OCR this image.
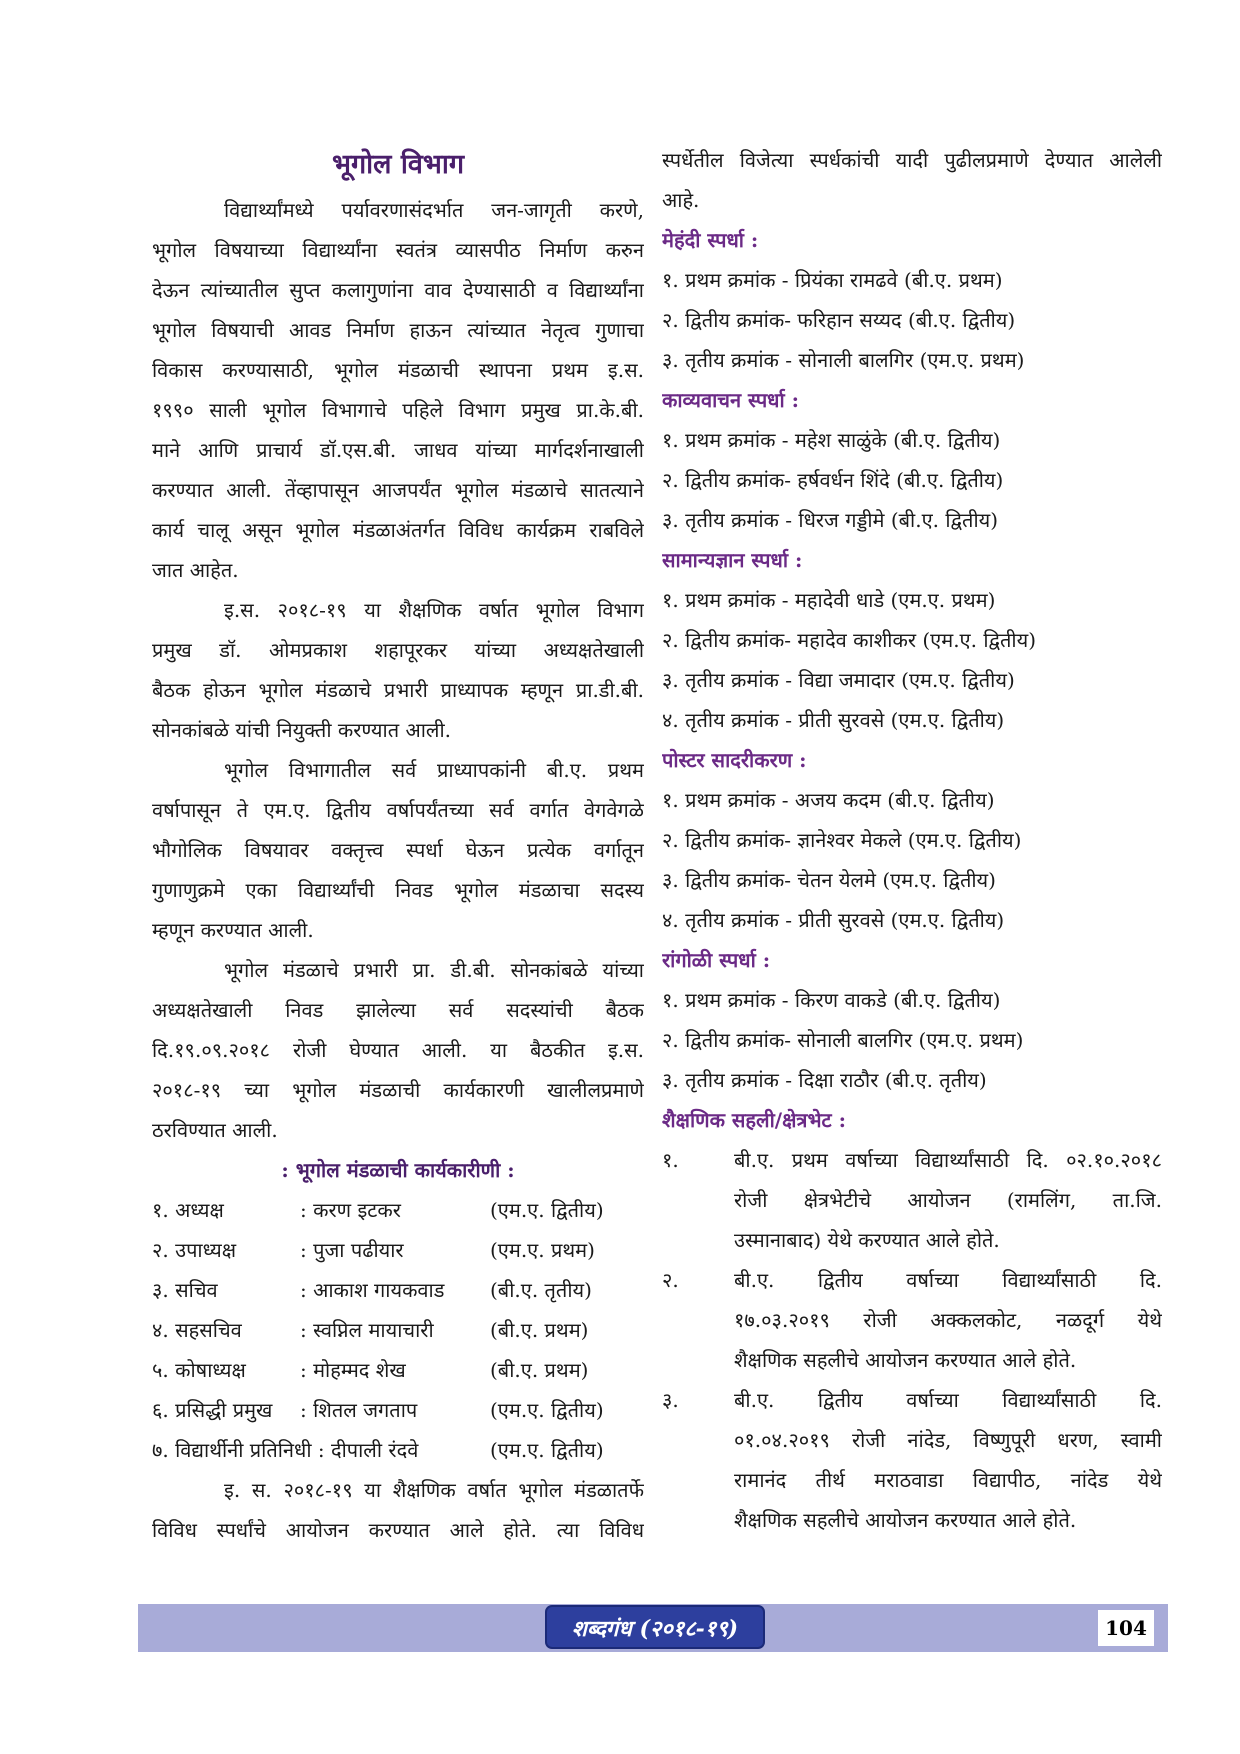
भूगोल विभाग
विद्यार्थ्यांमध्ये पर्यावरणासंदर्भात जन-जागृती करणे,
भूगोल विषयाच्या विद्यार्थ्यांना स्वतंत्र व्यासपीठ निर्माण करुन
देऊन त्यांच्यातील सुप्त कलागुणांना वाव देण्यासाठी व विद्यार्थ्यांना
भूगोल विषयाची आवड निर्माण हाऊन त्यांच्यात नेतृत्व गुणाचा
विकास करण्यासाठी, भूगोल मंडळाची स्थापना प्रथम इ.स.
१९९० साली भूगोल विभागाचे पहिले विभाग प्रमुख प्रा.के.बी.
माने आणि प्राचार्य डॉ.एस.बी. जाधव यांच्या मार्गदर्शनाखाली
करण्यात आली. तेंव्हापासून आजपर्यंत भूगोल मंडळाचे सातत्याने
कार्य चालू असून भूगोल मंडळाअंतर्गत विविध कार्यक्रम राबविले
जात आहेत.
इ.स. २०१८-१९ या शैक्षणिक वर्षात भूगोल विभाग
प्रमुख डॉ. ओमप्रकाश शहापूरकर यांच्या अध्यक्षतेखाली
बैठक होऊन भूगोल मंडळाचे प्रभारी प्राध्यापक म्हणून प्रा.डी.बी.
सोनकांबळे यांची नियुक्ती करण्यात आली.
भूगोल विभागातील सर्व प्राध्यापकांनी बी.ए. प्रथम
वर्षापासून ते एम.ए. द्वितीय वर्षापर्यंतच्या सर्व वर्गात वेगवेगळे
भौगोलिक विषयावर वक्तृत्त्व स्पर्धा घेऊन प्रत्येक वर्गातून
गुणाणुक्रमे एका विद्यार्थ्यांची निवड भूगोल मंडळाचा सदस्य
म्हणून करण्यात आली.
भूगोल मंडळाचे प्रभारी प्रा. डी.बी. सोनकांबळे यांच्या
अध्यक्षतेखाली निवड झालेल्या सर्व सदस्यांची बैठक
दि.१९.०९.२०१८ रोजी घेण्यात आली. या बैठकीत इ.स.
२०१८-१९ च्या भूगोल मंडळाची कार्यकारणी खालीलप्रमाणे
ठरविण्यात आली.
: भूगोल मंडळाची कार्यकारीणी :
१. अध्यक्ष	: करण इटकर	(एम.ए. द्वितीय)
२. उपाध्यक्ष	: पुजा पढीयार	(एम.ए. प्रथम)
३. सचिव	: आकाश गायकवाड	(बी.ए. तृतीय)
४. सहसचिव	: स्वप्निल मायाचारी	(बी.ए. प्रथम)
५. कोषाध्यक्ष	: मोहम्मद शेख	(बी.ए. प्रथम)
६. प्रसिद्धी प्रमुख	: शितल जगताप	(एम.ए. द्वितीय)
७. विद्यार्थीनी प्रतिनिधी : दीपाली रंदवे	(एम.ए. द्वितीय)
इ. स. २०१८-१९ या शैक्षणिक वर्षात भूगोल मंडळातर्फे
विविध स्पर्धांचे आयोजन करण्यात आले होते. त्या विविध
स्पर्धेतील विजेत्या स्पर्धकांची यादी पुढीलप्रमाणे देण्यात आलेली
आहे.
मेहंदी स्पर्धा :
१. प्रथम क्रमांक - प्रियंका रामढवे (बी.ए. प्रथम)
२. द्वितीय क्रमांक- फरिहान सय्यद (बी.ए. द्वितीय)
३. तृतीय क्रमांक - सोनाली बालगिर (एम.ए. प्रथम)
काव्यवाचन स्पर्धा :
१. प्रथम क्रमांक - महेश साळुंके (बी.ए. द्वितीय)
२. द्वितीय क्रमांक- हर्षवर्धन शिंदे (बी.ए. द्वितीय)
३. तृतीय क्रमांक - धिरज गड्डीमे (बी.ए. द्वितीय)
सामान्यज्ञान स्पर्धा :
१. प्रथम क्रमांक - महादेवी धाडे (एम.ए. प्रथम)
२. द्वितीय क्रमांक- महादेव काशीकर (एम.ए. द्वितीय)
३. तृतीय क्रमांक - विद्या जमादार (एम.ए. द्वितीय)
४. तृतीय क्रमांक - प्रीती सुरवसे (एम.ए. द्वितीय)
पोस्टर सादरीकरण :
१. प्रथम क्रमांक - अजय कदम (बी.ए. द्वितीय)
२. द्वितीय क्रमांक- ज्ञानेश्वर मेकले (एम.ए. द्वितीय)
३. द्वितीय क्रमांक- चेतन येलमे (एम.ए. द्वितीय)
४. तृतीय क्रमांक - प्रीती सुरवसे (एम.ए. द्वितीय)
रांगोळी स्पर्धा :
१. प्रथम क्रमांक - किरण वाकडे (बी.ए. द्वितीय)
२. द्वितीय क्रमांक- सोनाली बालगिर (एम.ए. प्रथम)
३. तृतीय क्रमांक - दिक्षा राठौर (बी.ए. तृतीय)
शैक्षणिक सहली/क्षेत्रभेट :
१.	बी.ए. प्रथम वर्षाच्या विद्यार्थ्यांसाठी दि. ०२.१०.२०१८
रोजी क्षेत्रभेटीचे आयोजन (रामलिंग, ता.जि.
उस्मानाबाद) येथे करण्यात आले होते.
२.	बी.ए. द्वितीय वर्षाच्या विद्यार्थ्यांसाठी दि.
१७.०३.२०१९ रोजी अक्कलकोट, नळदूर्ग येथे
शैक्षणिक सहलीचे आयोजन करण्यात आले होते.
३.	बी.ए. द्वितीय वर्षाच्या विद्यार्थ्यांसाठी दि.
०१.०४.२०१९ रोजी नांदेड, विष्णुपूरी धरण, स्वामी
रामानंद तीर्थ मराठवाडा विद्यापीठ, नांदेड येथे
शैक्षणिक सहलीचे आयोजन करण्यात आले होते.
शब्दगंध (२०१८-१९)	104
